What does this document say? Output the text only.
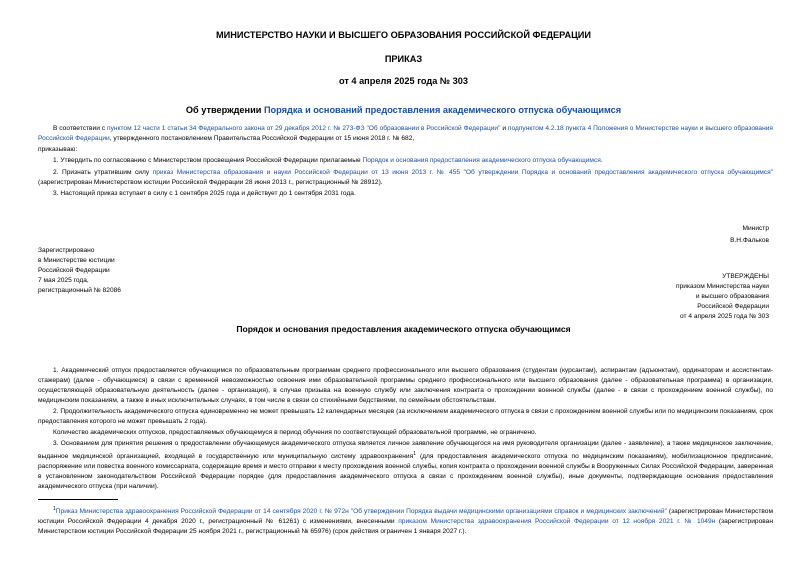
МИНИСТЕРСТВО НАУКИ И ВЫСШЕГО ОБРАЗОВАНИЯ РОССИЙСКОЙ ФЕДЕРАЦИИ
ПРИКАЗ
от 4 апреля 2025 года № 303
Об утверждении Порядка и оснований предоставления академического отпуска обучающимся
В соответствии с пунктом 12 части 1 статьи 34 Федерального закона от 29 декабря 2012 г. № 273-ФЗ "Об образовании в Российской Федерации" и подпунктом 4.2.18 пункта 4 Положения о Министерстве науки и высшего образования Российской Федерации, утвержденного постановлением Правительства Российской Федерации от 15 июня 2018 г. № 682,
приказываю:
1. Утвердить по согласованию с Министерством просвещения Российской Федерации прилагаемые Порядок и основания предоставления академического отпуска обучающимся.
2. Признать утратившим силу приказ Министерства образования и науки Российской Федерации от 13 июня 2013 г. № 455 "Об утверждении Порядка и оснований предоставления академического отпуска обучающимся" (зарегистрирован Министерством юстиции Российской Федерации 28 июня 2013 г., регистрационный № 28912).
3. Настоящий приказ вступает в силу с 1 сентября 2025 года и действует до 1 сентября 2031 года.
Министр
В.Н.Фальков
Зарегистрировано
в Министерстве юстиции
Российской Федерации
7 мая 2025 года,
регистрационный № 82086
УТВЕРЖДЕНЫ
приказом Министерства науки
и высшего образования
Российской Федерации
от 4 апреля 2025 года № 303
Порядок и основания предоставления академического отпуска обучающимся
1. Академический отпуск предоставляется обучающимся по образовательным программам среднего профессионального или высшего образования (студентам (курсантам), аспирантам (адъюнктам), ординаторам и ассистентам-стажерам) (далее - обучающиеся) в связи с временной невозможностью освоения ими образовательной программы среднего профессионального или высшего образования (далее - образовательная программа) в организации, осуществляющей образовательную деятельность (далее - организация), в случае призыва на военную службу или заключения контракта о прохождении военной службы (далее - в связи с прохождением военной службы), по медицинским показаниям, а также в иных исключительных случаях, в том числе в связи со стихийными бедствиями, по семейным обстоятельствам.
2. Продолжительность академического отпуска единовременно не может превышать 12 календарных месяцев (за исключением академического отпуска в связи с прохождением военной службы или по медицинским показаниям, срок предоставления которого не может превышать 2 года).
Количество академических отпусков, предоставляемых обучающемуся в период обучения по соответствующей образовательной программе, не ограничено.
3. Основанием для принятия решения о предоставлении обучающемуся академического отпуска является личное заявление обучающегося на имя руководителя организации (далее - заявление), а также медицинское заключение, выданное медицинской организацией, входящей в государственную или муниципальную систему здравоохранения$^1$ (для предоставления академического отпуска по медицинским показаниям), мобилизационное предписание, распоряжение или повестка военного комиссариата, содержащие время и место отправки к месту прохождения военной службы, копия контракта о прохождении военной службы в Вооруженных Силах Российской Федерации, заверенная в установленном законодательством Российской Федерации порядке (для предоставления академического отпуска в связи с прохождением военной службы), иные документы, подтверждающие основания предоставления академического отпуска (при наличии).
$^1$Приказ Министерства здравоохранения Российской Федерации от 14 сентября 2020 г. № 972н "Об утверждении Порядка выдачи медицинскими организациями справок и медицинских заключений" (зарегистрирован Министерством юстиции Российской Федерации 4 декабря 2020 г., регистрационный № 61261) с изменениями, внесенными приказом Министерства здравоохранения Российской Федерации от 12 ноября 2021 г. № 1049н (зарегистрирован Министерством юстиции Российской Федерации 25 ноября 2021 г., регистрационный № 65976) (срок действия ограничен 1 января 2027 г.).
